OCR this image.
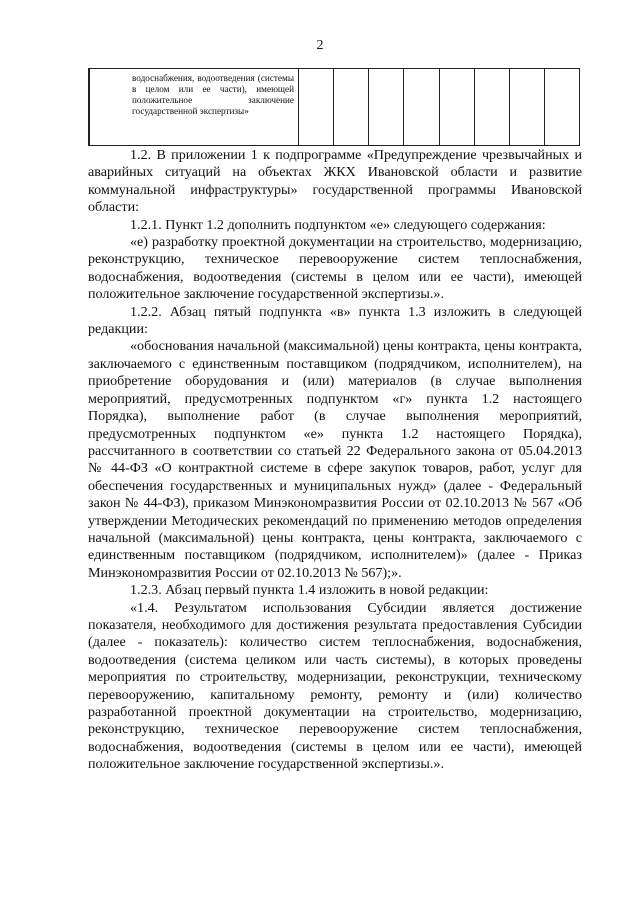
2
	водоснабжения, водоотведения (системы в целом или ее части), имеющей положительное заключение государственной экспертизы»								

1.2. В приложении 1 к подпрограмме «Предупреждение чрезвычайных и аварийных ситуаций на объектах ЖКХ Ивановской области и развитие коммунальной инфраструктуры» государственной программы Ивановской области:

1.2.1. Пункт 1.2 дополнить подпунктом «е» следующего содержания:

«е) разработку проектной документации на строительство, модернизацию, реконструкцию, техническое перевооружение систем теплоснабжения, водоснабжения, водоотведения (системы в целом или ее части), имеющей положительное заключение государственной экспертизы.».

1.2.2. Абзац пятый подпункта «в» пункта 1.3 изложить в следующей редакции:

«обоснования начальной (максимальной) цены контракта, цены контракта, заключаемого с единственным поставщиком (подрядчиком, исполнителем), на приобретение оборудования и (или) материалов (в случае выполнения мероприятий, предусмотренных подпунктом «г» пункта 1.2 настоящего Порядка), выполнение работ (в случае выполнения мероприятий, предусмотренных подпунктом «е» пункта 1.2 настоящего Порядка), рассчитанного в соответствии со статьей 22 Федерального закона от 05.04.2013 № 44-ФЗ «О контрактной системе в сфере закупок товаров, работ, услуг для обеспечения государственных и муниципальных нужд» (далее - Федеральный закон № 44-ФЗ), приказом Минэкономразвития России от 02.10.2013 № 567 «Об утверждении Методических рекомендаций по применению методов определения начальной (максимальной) цены контракта, цены контракта, заключаемого с единственным поставщиком (подрядчиком, исполнителем)» (далее - Приказ Минэкономразвития России от 02.10.2013 № 567);».

1.2.3. Абзац первый пункта 1.4 изложить в новой редакции:

«1.4. Результатом использования Субсидии является достижение показателя, необходимого для достижения результата предоставления Субсидии (далее - показатель): количество систем теплоснабжения, водоснабжения, водоотведения (система целиком или часть системы), в которых проведены мероприятия по строительству, модернизации, реконструкции, техническому перевооружению, капитальному ремонту, ремонту и (или) количество разработанной проектной документации на строительство, модернизацию, реконструкцию, техническое перевооружение систем теплоснабжения, водоснабжения, водоотведения (системы в целом или ее части), имеющей положительное заключение государственной экспертизы.».
